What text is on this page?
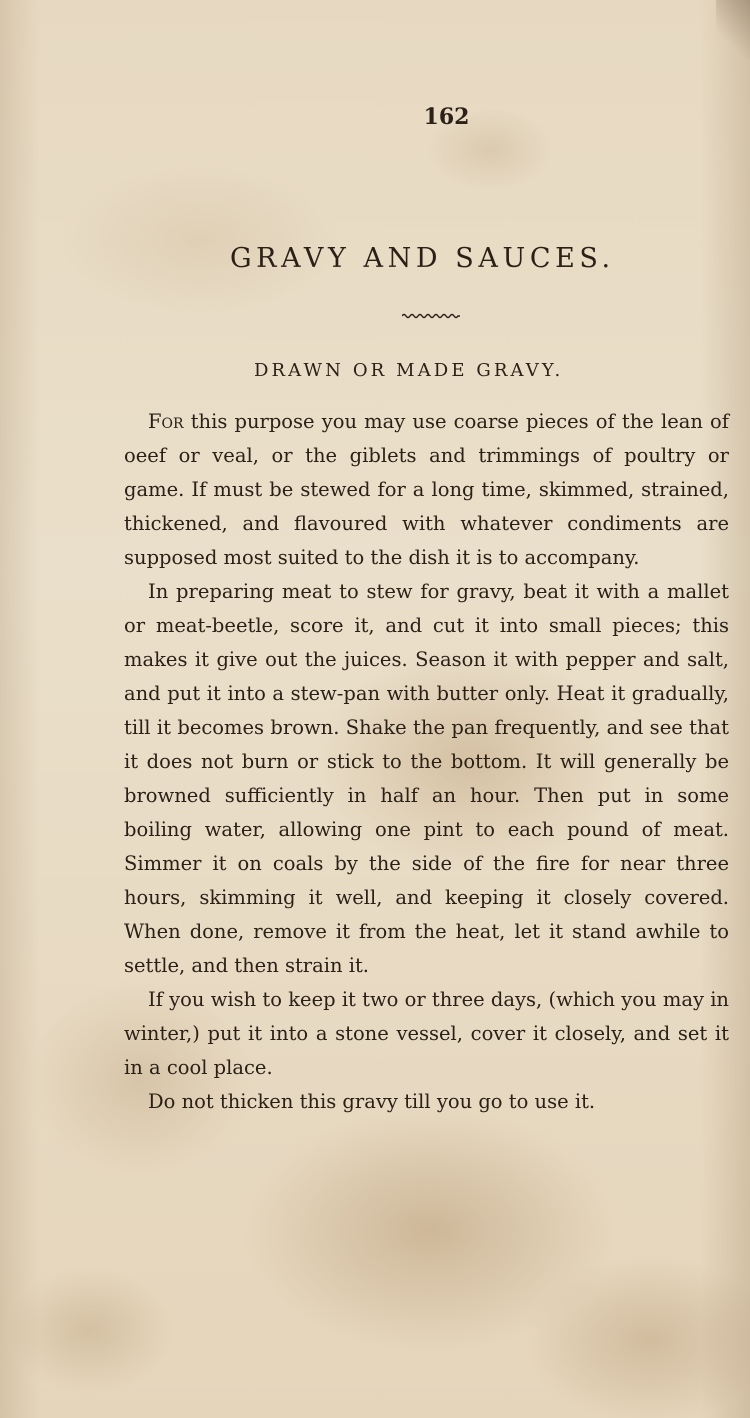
162
GRAVY AND SAUCES.
DRAWN OR MADE GRAVY.

For this purpose you may use coarse pieces of the lean of oeef or veal, or the giblets and trimmings of poultry or game. If must be stewed for a long time, skimmed, strained, thickened, and flavoured with whatever condiments are supposed most suited to the dish it is to accompany.

In preparing meat to stew for gravy, beat it with a mallet or meat-beetle, score it, and cut it into small pieces; this makes it give out the juices. Season it with pepper and salt, and put it into a stew-pan with butter only. Heat it gradually, till it becomes brown. Shake the pan frequently, and see that it does not burn or stick to the bottom. It will generally be browned sufficiently in half an hour. Then put in some boiling water, allowing one pint to each pound of meat. Simmer it on coals by the side of the fire for near three hours, skimming it well, and keeping it closely covered. When done, remove it from the heat, let it stand awhile to settle, and then strain it.

If you wish to keep it two or three days, (which you may in winter,) put it into a stone vessel, cover it closely, and set it in a cool place.

Do not thicken this gravy till you go to use it.
